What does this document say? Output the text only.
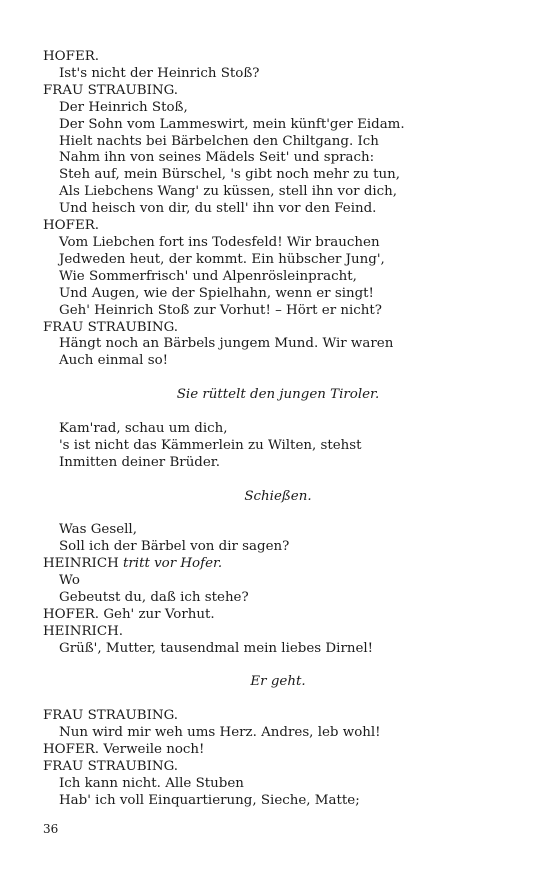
HOFER.
Ist's nicht der Heinrich Stoß?
FRAU STRAUBING.
Der Heinrich Stoß,
Der Sohn vom Lammeswirt, mein künft'ger Eidam.
Hielt nachts bei Bärbelchen den Chiltgang. Ich
Nahm ihn von seines Mädels Seit' und sprach:
Steh auf, mein Bürschel, 's gibt noch mehr zu tun,
Als Liebchens Wang' zu küssen, stell ihn vor dich,
Und heisch von dir, du stell' ihn vor den Feind.
HOFER.
Vom Liebchen fort ins Todesfeld! Wir brauchen
Jedweden heut, der kommt. Ein hübscher Jung',
Wie Sommerfrisch' und Alpenrösleinpracht,
Und Augen, wie der Spielhahn, wenn er singt!
Geh' Heinrich Stoß zur Vorhut! – Hört er nicht?
FRAU STRAUBING.
Hängt noch an Bärbels jungem Mund. Wir waren
Auch einmal so!
Sie rüttelt den jungen Tiroler.
Kam'rad, schau um dich,
's ist nicht das Kämmerlein zu Wilten, stehst
Inmitten deiner Brüder.
Schießen.
Was Gesell,
Soll ich der Bärbel von dir sagen?
HEINRICH tritt vor Hofer.
Wo
Gebeutst du, daß ich stehe?
HOFER. Geh' zur Vorhut.
HEINRICH.
Grüß', Mutter, tausendmal mein liebes Dirnel!
Er geht.
FRAU STRAUBING.
Nun wird mir weh ums Herz. Andres, leb wohl!
HOFER. Verweile noch!
FRAU STRAUBING.
Ich kann nicht. Alle Stuben
Hab' ich voll Einquartierung, Sieche, Matte;
36
